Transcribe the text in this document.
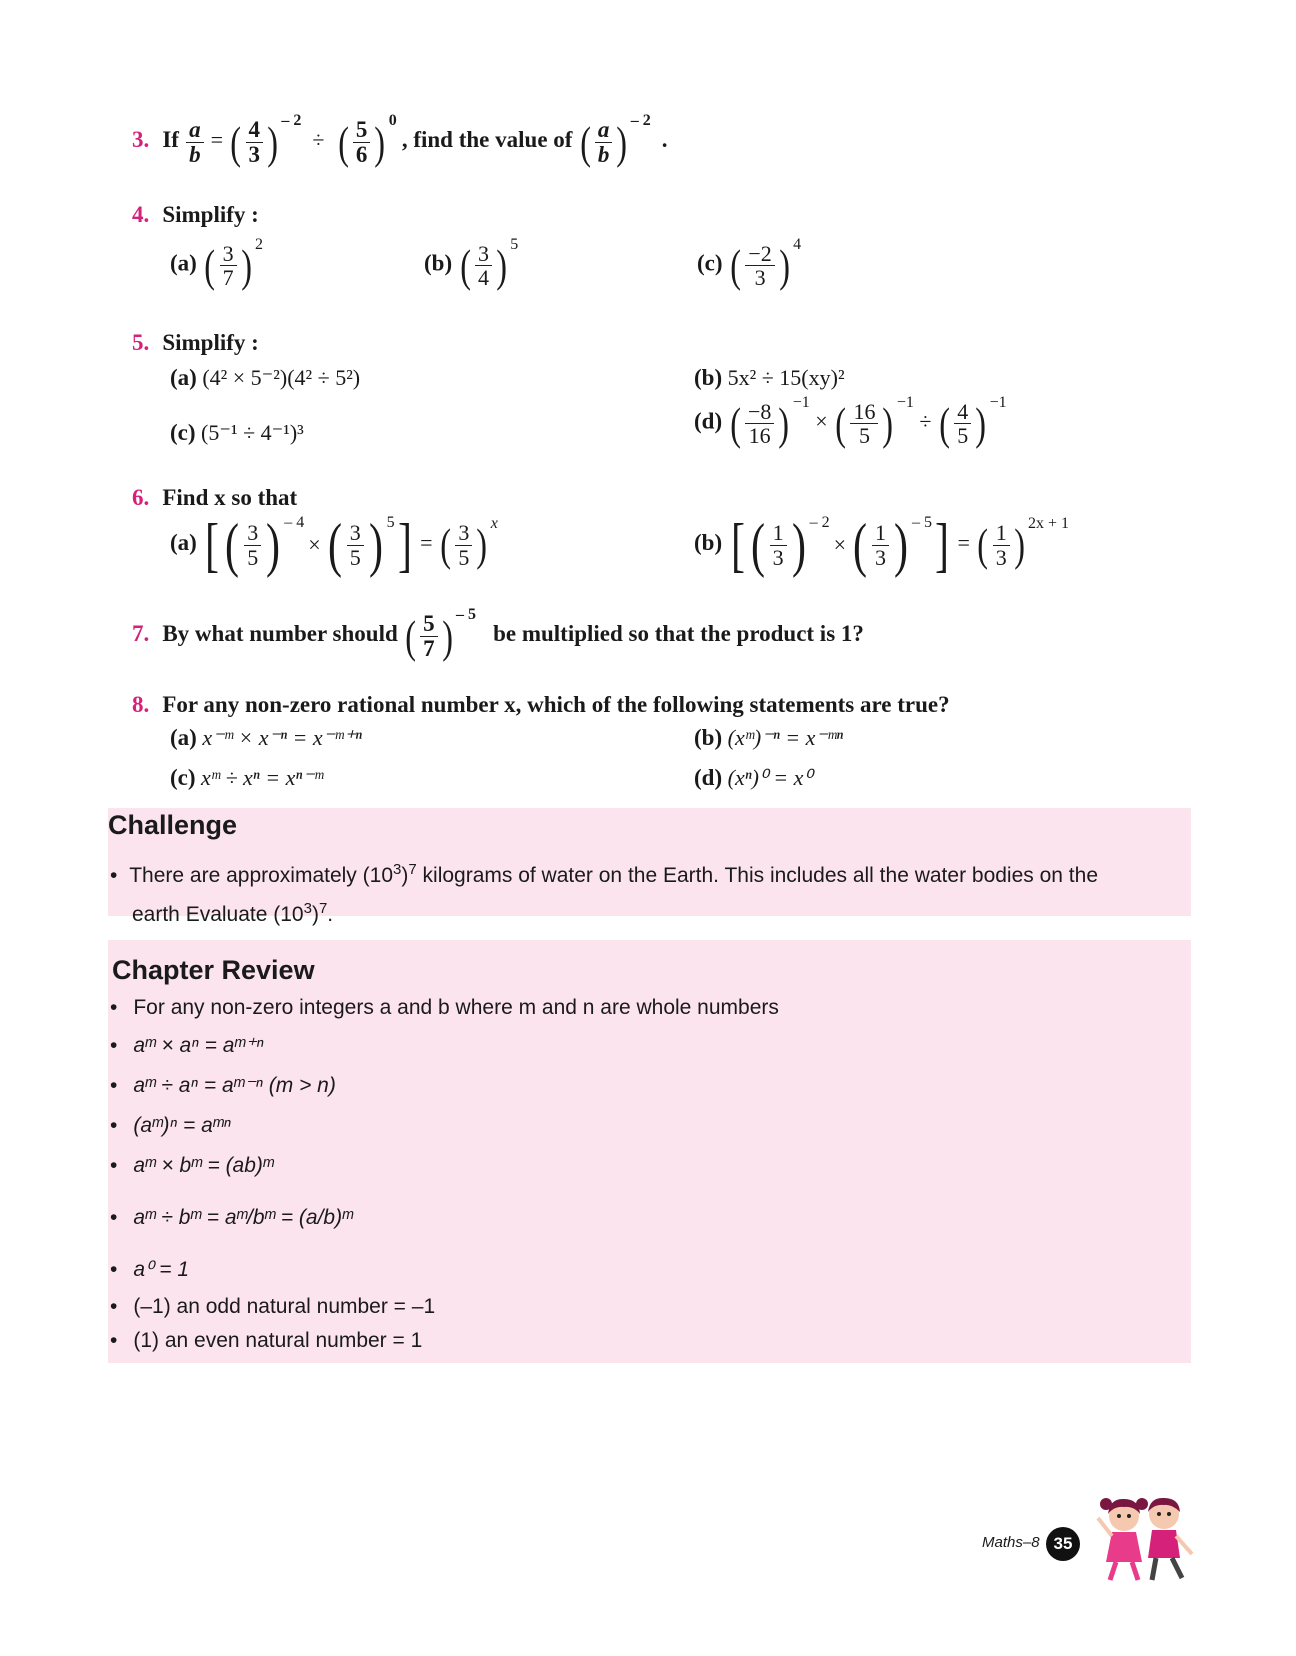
3. If $\frac{a}{b}$ = ( $\frac{4}{3}$ ) – 2 ÷ ( $\frac{5}{6}$ ) 0 , find the value of ( $\frac{a}{b}$ ) – 2 .
4. Simplify :
(a) ( $\frac{3}{7}$ ) $^2$
(b) ( $\frac{3}{4}$ ) $^5$
(c) ( $\frac{-2}{3}$ ) $^4$
5. Simplify :
(a) (4² × 5⁻²)(4² ÷ 5²)	(b) 5x² ÷ 15(xy)²
(c) (5⁻¹ ÷ 4⁻¹)³	(d) ( $\frac{-8}{16}$ ) $^{-1}$ × ( $\frac{16}{5}$ ) $^{-1}$ ÷ ( $\frac{4}{5}$ ) $^{-1}$
6. Find x so that
(a) [ ( $\frac{3}{5}$ ) – 4
× ( $\frac{3}{5}$ ) 5 ] = ( $\frac{3}{5}$ ) $^x$
(b) [ ( $\frac{1}{3}$ ) – 2
× ( $\frac{1}{3}$ ) – 5 ] = ( $\frac{1}{3}$ ) $^{2x + 1}$
7. By what number should ( $\frac{5}{7}$ ) – 5 be multiplied so that the product is 1?
8. For any non-zero rational number x, which of the following statements are true?
(a) x⁻ᵐ × x⁻ⁿ = x⁻ᵐ⁺ⁿ	(b) (xᵐ)⁻ⁿ = x⁻ᵐⁿ
(c) xᵐ ÷ xⁿ = xⁿ⁻ᵐ	(d) (xⁿ)⁰ = x⁰
Challenge
• There are approximately $(10^3)^7$ kilograms of water on the Earth. This includes all the water bodies on the
earth Evaluate $(10^3)^7$.
Chapter Review
• For any non-zero integers a and b where m and n are whole numbers
• aᵐ × aⁿ = aᵐ⁺ⁿ
• aᵐ ÷ aⁿ = aᵐ⁻ⁿ (m > n)
• (aᵐ)ⁿ = aᵐⁿ
• aᵐ × bᵐ = (ab)ᵐ
• aᵐ ÷ bᵐ = aᵐ/bᵐ = (a/b)ᵐ
• a⁰ = 1
• (–1) an odd natural number = –1
• (1) an even natural number = 1
Maths–8 35
